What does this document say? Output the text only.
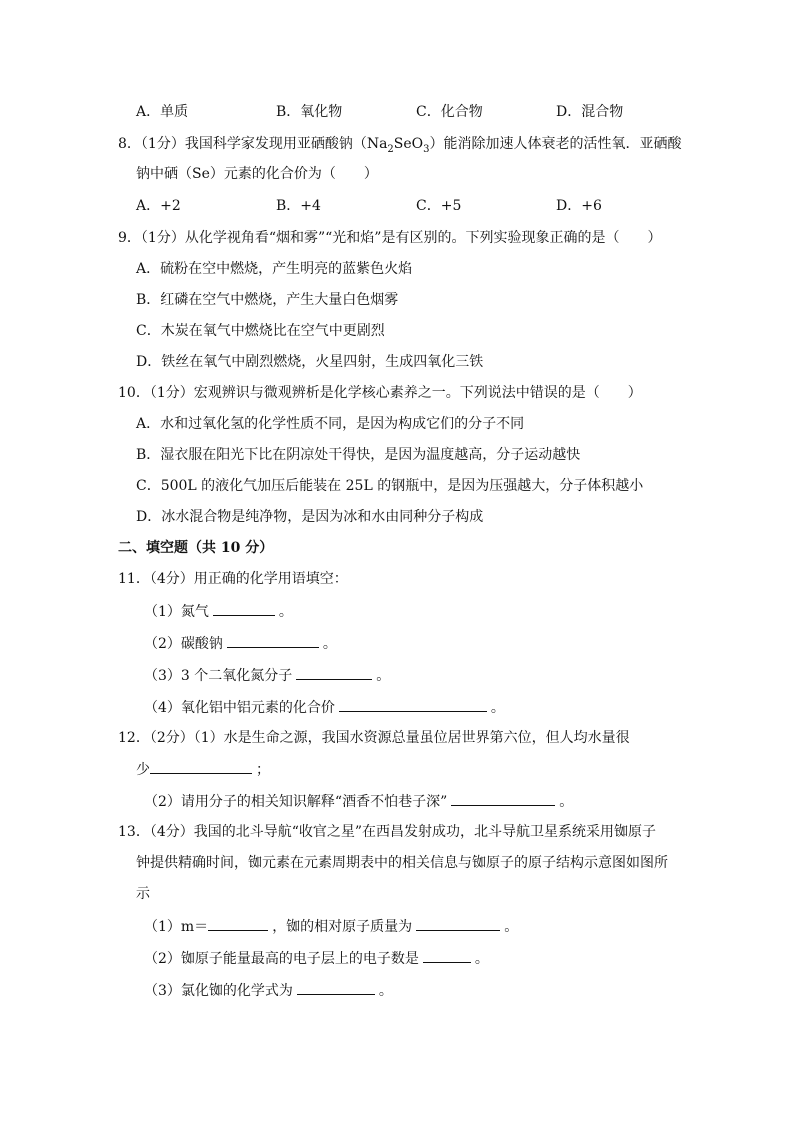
A．单质	B．氧化物	C．化合物	D．混合物
8．（1分）我国科学家发现用亚硒酸钠$(Na_2SeO_3)$能消除加速人体衰老的活性氧．亚硒酸
钠中硒（Se）元素的化合价为（　　）
A．+2	B．+4	C．+5	D．+6
9．（1分）从化学视角看“烟和雾”“光和焰”是有区别的。下列实验现象正确的是（　　）
A．硫粉在空中燃烧，产生明亮的蓝紫色火焰
B．红磷在空气中燃烧，产生大量白色烟雾
C．木炭在氧气中燃烧比在空气中更剧烈
D．铁丝在氧气中剧烈燃烧，火星四射，生成四氧化三铁
10．（1分）宏观辨识与微观辨析是化学核心素养之一。下列说法中错误的是（　　）
A．水和过氧化氢的化学性质不同，是因为构成它们的分子不同
B．湿衣服在阳光下比在阴凉处干得快，是因为温度越高，分子运动越快
C．500L 的液化气加压后能装在 25L 的钢瓶中，是因为压强越大，分子体积越小
D．冰水混合物是纯净物，是因为冰和水由同种分子构成
二、填空题（共 10 分）
11．（4分）用正确的化学用语填空：
（1）氮气	。
（2）碳酸钠	。
（3）3 个二氧化氮分子	。
（4）氧化铝中铝元素的化合价	。
12．（2分）（1）水是生命之源，我国水资源总量虽位居世界第六位，但人均水量很
少	；
（2）请用分子的相关知识解释“酒香不怕巷子深”	。
13．（4分）我国的北斗导航“收官之星”在西昌发射成功，北斗导航卫星系统采用铷原子
钟提供精确时间，铷元素在元素周期表中的相关信息与铷原子的原子结构示意图如图所
示
（1）m＝	，铷的相对原子质量为	。
（2）铷原子能量最高的电子层上的电子数是	。
（3）氯化铷的化学式为	。
